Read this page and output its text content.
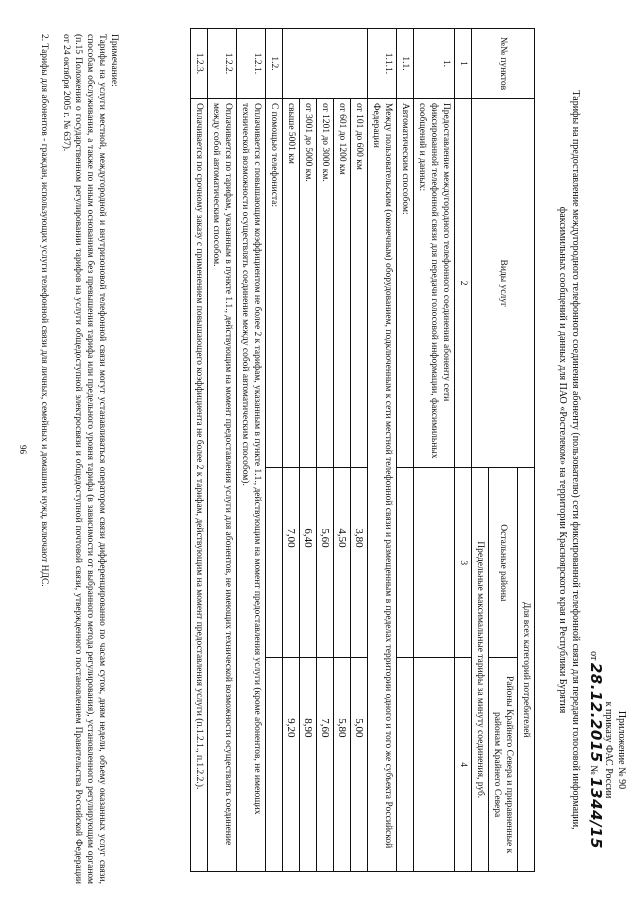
Приложение № 90
к приказу ФАС России
от 28.12.2015 № 1344/15
Тарифы на предоставление междугородного телефонного соединения абоненту (пользователю) сети фиксированной телефонной связи для передачи голосовой информации, факсимильных сообщений и данных для ПАО «Ростелеком» на территории Красноярского края и Республики Бурятия
№№ пунктов	Виды услуг	Для всех категорий потребителей	
		Остальные районы	Районы Крайнего Севера и приравненные к районам Крайнего Севера
		Предельные максимальные тарифы за минуту соединения, руб.	
1	2	3	4
1.	Предоставление междугородного телефонного соединения абоненту сети фиксированной телефонной связи для передачи голосовой информации, факсимильных сообщений и данных:		
1.1.	Автоматическим способом:		
1.1.1.	Между пользовательским (оконечным) оборудованием, подключенным к сети местной телефонной связи и размещенным в пределах территории одного и того же субъекта Российской Федерации		
	от 101 до 600 км	3,80	5,00
	от 601 до 1200 км	4,50	5,80
	от 1201 до 3000 км.	5,60	7,60
	от 3001 до 5000 км.	6,40	8,90
	свыше 5001 км	7,00	9,20
1.2.	С помощью телефониста:		
1.2.1.	Оплачивается с повышающим коэффициентом не более 2 к тарифам, указанным в пункте 1.1., действующим на момент предоставления услуги (кроме абонентов, не имеющих технической возможности осуществлять соединение между собой автоматическим способом).		
1.2.2.	Оплачивается по тарифам, указанным в пункте 1.1., действующим на момент предоставления услуги для абонентов, не имеющих технической возможности осуществлять соединение между собой автоматическим способом.		
1.2.3.	Оплачивается по срочному заказу с применением повышающего коэффициента не более 2 к тарифам, действующим на момент предоставления услуги (п.1.2.1., п.1.2.2.).		

Примечание:

Тарифы на услуги местной, междугородной и внутризоновой телефонной связи могут устанавливаться оператором связи дифференцированно по часам суток, дням недели, объему оказанных услуг связи, способам обслуживания, а также по иным основаниям без превышения тарифа или предельного уровня тарифа (в зависимости от выбранного метода регулирования), установленного регулирующим органом (п.15 Положения о государственном регулировании тарифов на услуги общедоступной электросвязи и общедоступной почтовой связи, утвержденного постановлением Правительства Российской Федерации от 24 октября 2005 г. № 637).

2. Тарифы для абонентов - граждан, использующих услуги телефонной связи для личных, семейных и домашних нужд, включают НДС.

96
